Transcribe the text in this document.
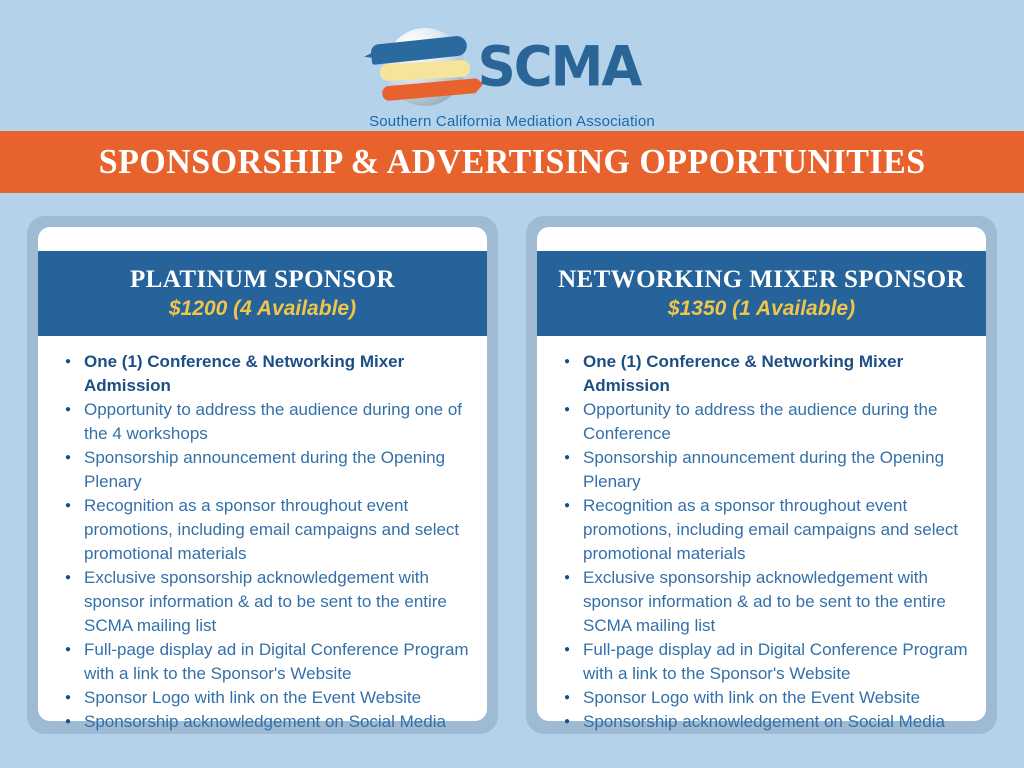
SCMA
Southern California Mediation Association
SPONSORSHIP & ADVERTISING OPPORTUNITIES
PLATINUM SPONSOR
$1200 (4 Available)
● One (1) Conference & Networking Mixer Admission
● Opportunity to address the audience during one of the 4 workshops
● Sponsorship announcement during the Opening Plenary
● Recognition as a sponsor throughout event promotions, including email campaigns and select promotional materials
● Exclusive sponsorship acknowledgement with sponsor information & ad to be sent to the entire SCMA mailing list
● Full-page display ad in Digital Conference Program with a link to the Sponsor's Website
● Sponsor Logo with link on the Event Website
● Sponsorship acknowledgement on Social Media
NETWORKING MIXER SPONSOR
$1350 (1 Available)
● One (1) Conference & Networking Mixer Admission
● Opportunity to address the audience during the Conference
● Sponsorship announcement during the Opening Plenary
● Recognition as a sponsor throughout event promotions, including email campaigns and select promotional materials
● Exclusive sponsorship acknowledgement with sponsor information & ad to be sent to the entire SCMA mailing list
● Full-page display ad in Digital Conference Program with a link to the Sponsor's Website
● Sponsor Logo with link on the Event Website
● Sponsorship acknowledgement on Social Media
